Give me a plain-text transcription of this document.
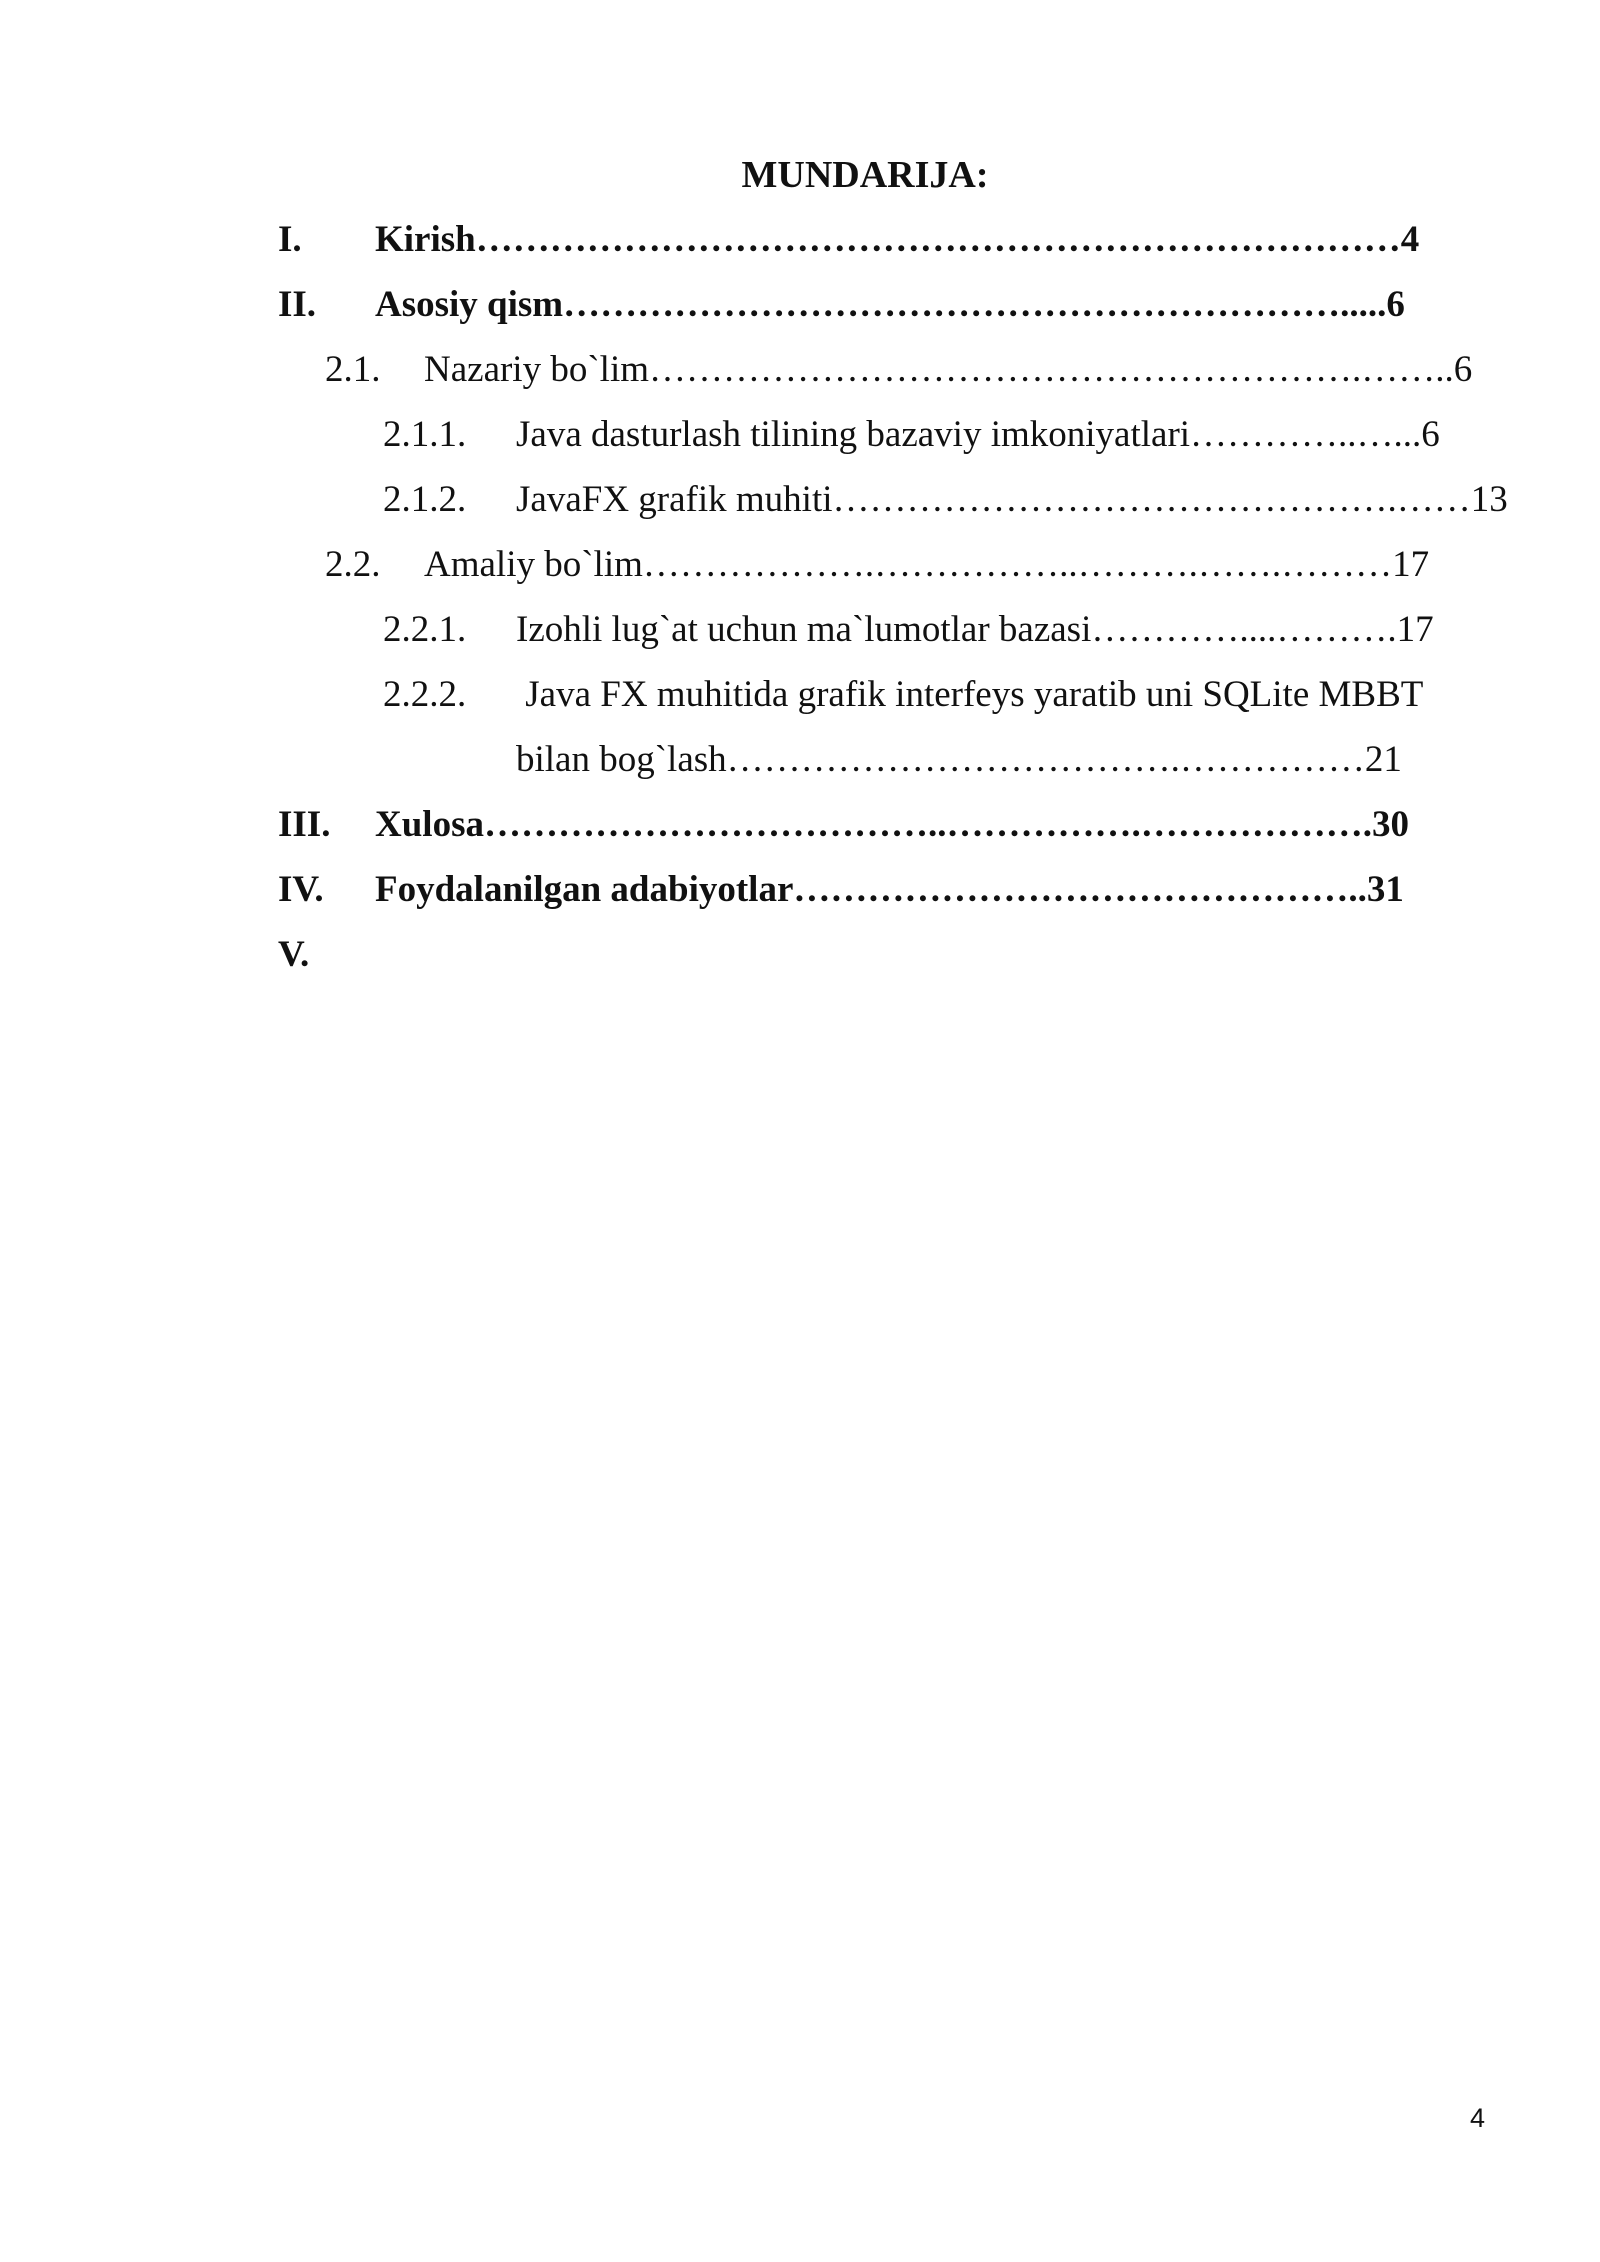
MUNDARIJA:
I. Kirish…………………………………………………………………4
II. Asosiy qism……………………………………………………….....6
2.1. Nazariy bo`lim………………………………………………….……..6
2.1.1. Java dasturlash tilining bazaviy imkoniyatlari…………..…...6
2.1.2. JavaFX grafik muhiti……………………………………….……13
2.2. Amaliy bo`lim……………….……………..……….…….………17
2.2.1. Izohli lug`at uchun ma`lumotlar bazasi…………....……….17
2.2.2. Java FX muhitida grafik interfeys yaratib uni SQLite MBBT
bilan bog`lash……………………………….……………21
III. Xulosa………………………………..…………….……………….30
IV. Foydalanilgan adabiyotlar………………………………………..31
V.
4
